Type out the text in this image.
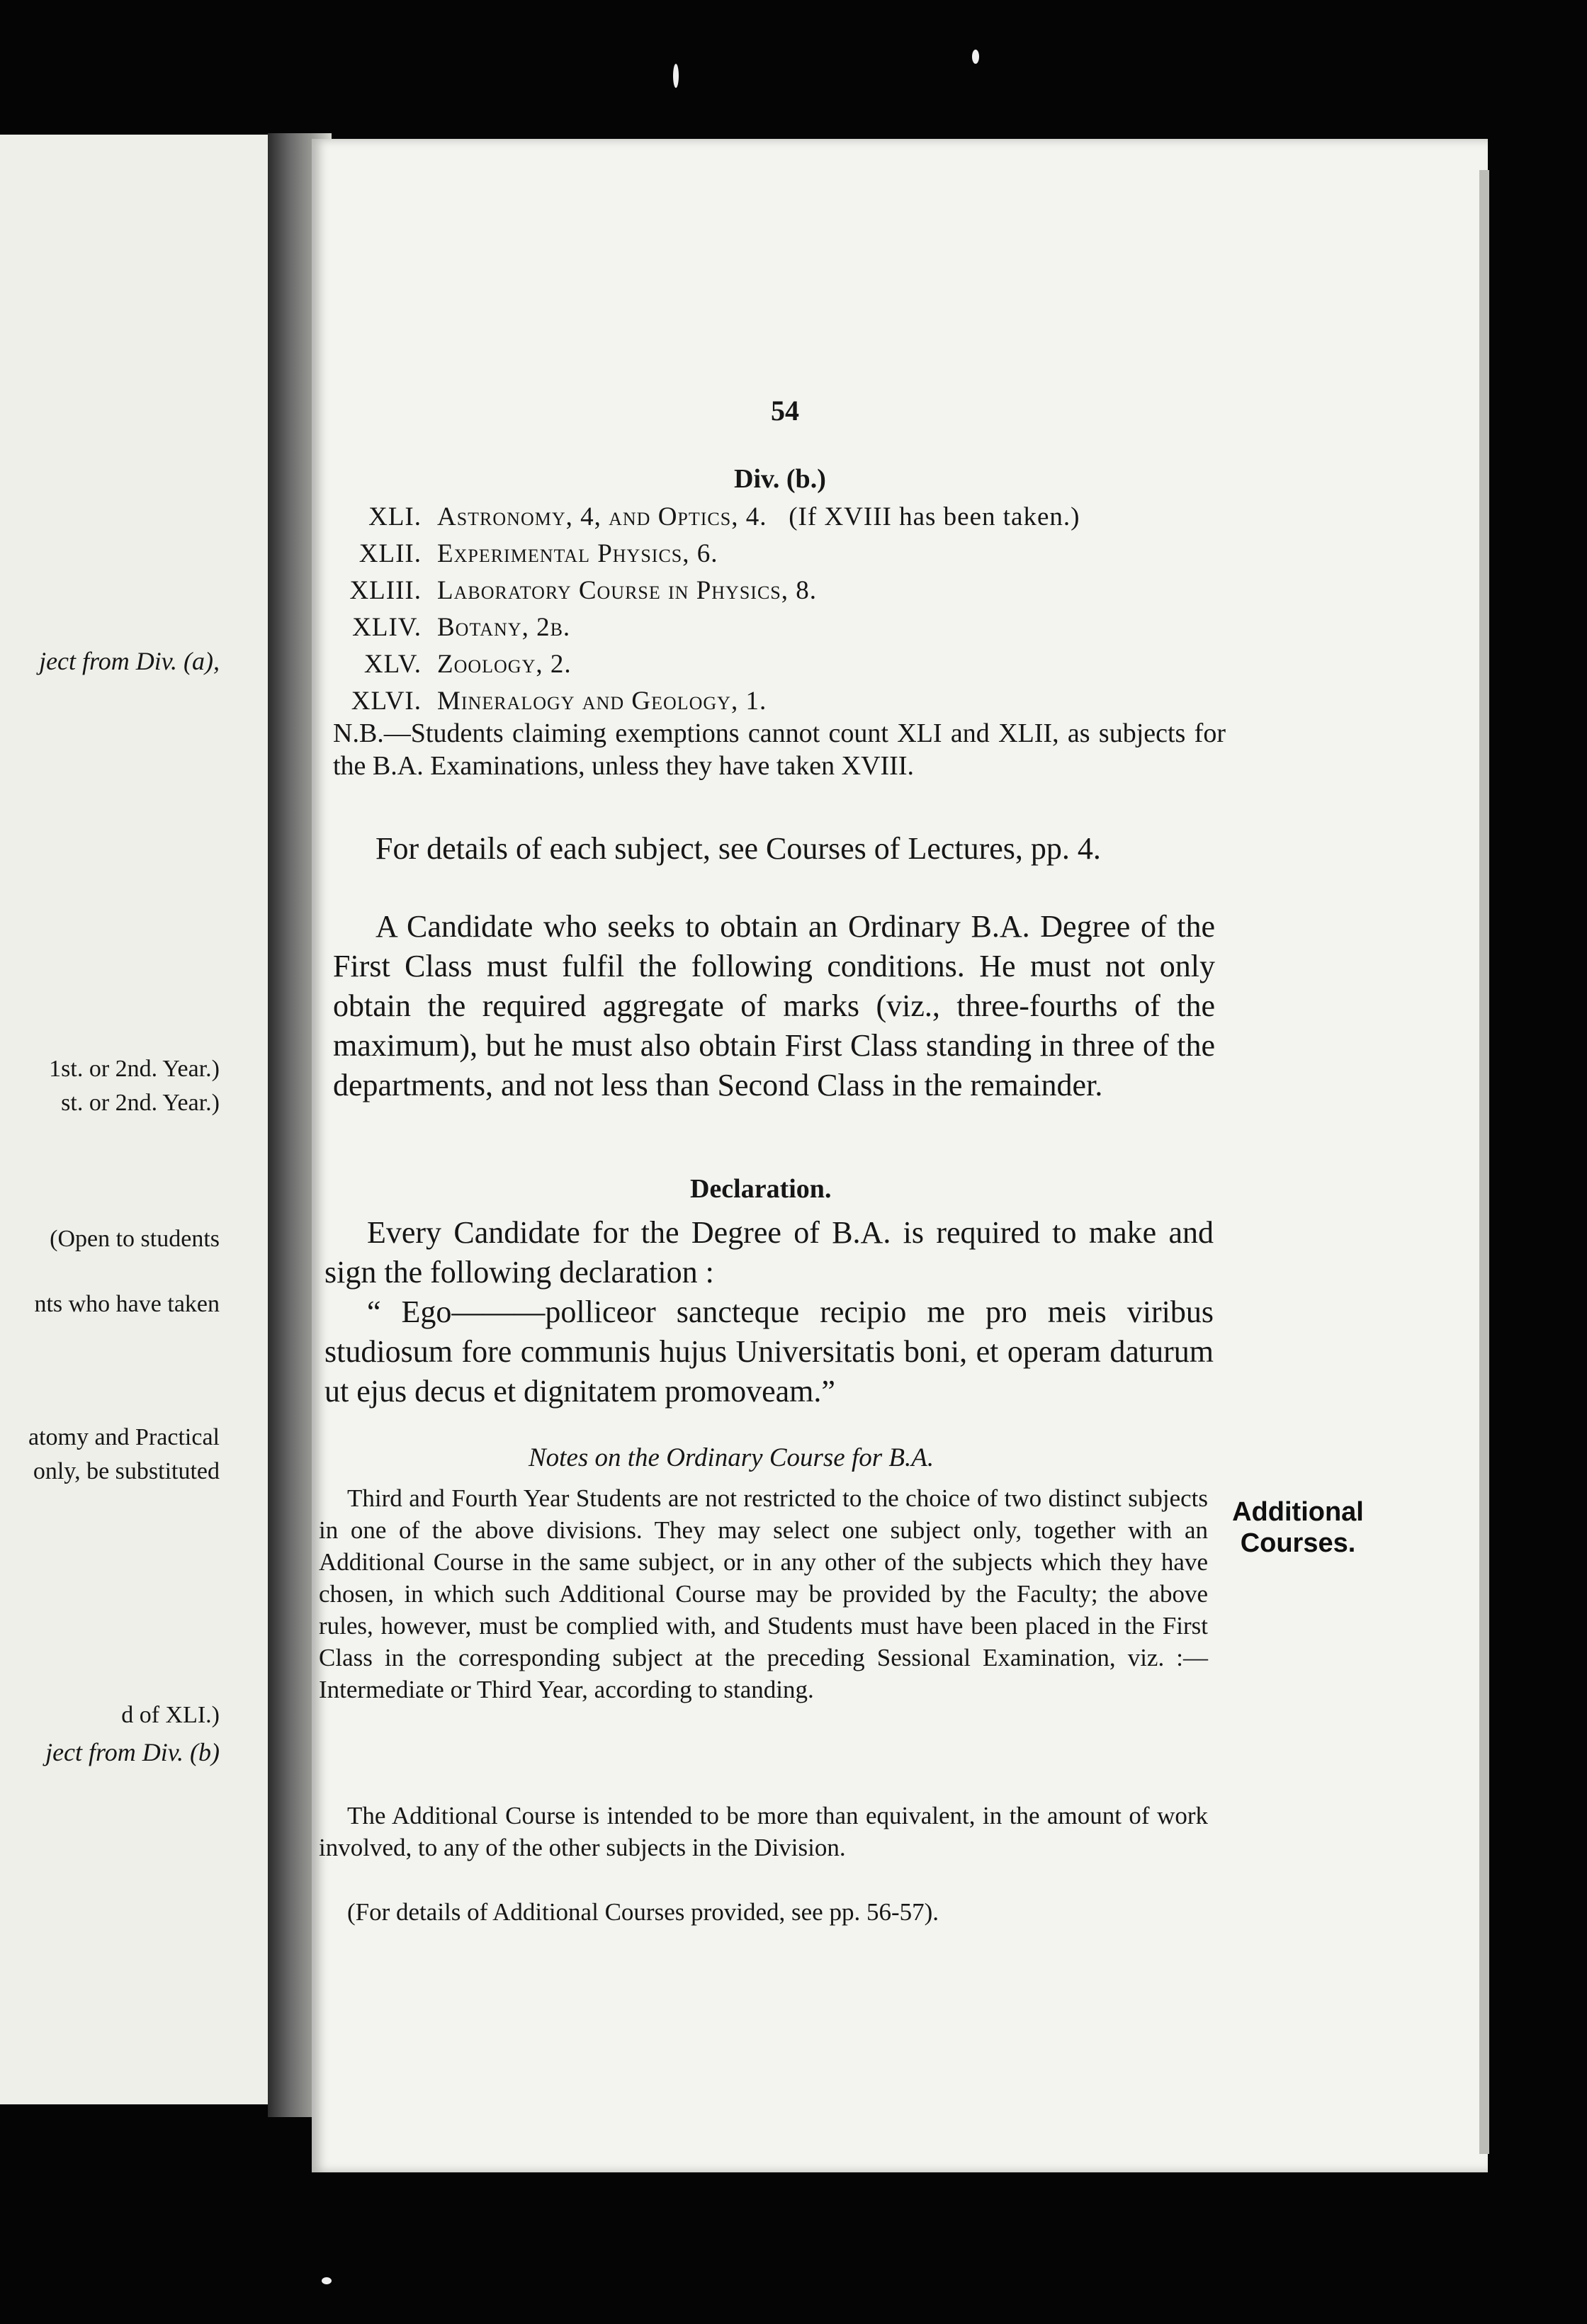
ject from Div. (a),
1st. or 2nd. Year.)
st. or 2nd. Year.)
(Open to students
nts who have taken
atomy and Practical
only, be substituted
d of XLI.)
ject from Div. (b)
54
Div. (b.)
XLI. Astronomy, 4, and Optics, 4. (If XVIII has been taken.)
XLII. Experimental Physics, 6.
XLIII. Laboratory Course in Physics, 8.
XLIV. Botany, 2b.
XLV. Zoology, 2.
XLVI. Mineralogy and Geology, 1.
N.B.—Students claiming exemptions cannot count XLI and XLII, as subjects for the B.A. Examinations, unless they have taken XVIII.
For details of each subject, see Courses of Lectures, pp. 4.
A Candidate who seeks to obtain an Ordinary B.A. Degree of the First Class must fulfil the following conditions. He must not only obtain the required aggregate of marks (viz., three-fourths of the maximum), but he must also obtain First Class standing in three of the departments, and not less than Second Class in the remainder.
Declaration.
Every Candidate for the Degree of B.A. is required to make and sign the following declaration :
“ Ego———polliceor sancteque recipio me pro meis viribus studiosum fore communis hujus Universitatis boni, et operam daturum ut ejus decus et dignitatem promoveam.”
Notes on the Ordinary Course for B.A.
Third and Fourth Year Students are not restricted to the choice of two distinct subjects in one of the above divisions. They may select one subject only, together with an Additional Course in the same subject, or in any other of the subjects which they have chosen, in which such Additional Course may be provided by the Faculty; the above rules, however, must be complied with, and Students must have been placed in the First Class in the corresponding subject at the preceding Sessional Examination, viz. :—Intermediate or Third Year, according to standing.
The Additional Course is intended to be more than equivalent, in the amount of work involved, to any of the other subjects in the Division.
(For details of Additional Courses provided, see pp. 56-57).
Additional
Courses.
